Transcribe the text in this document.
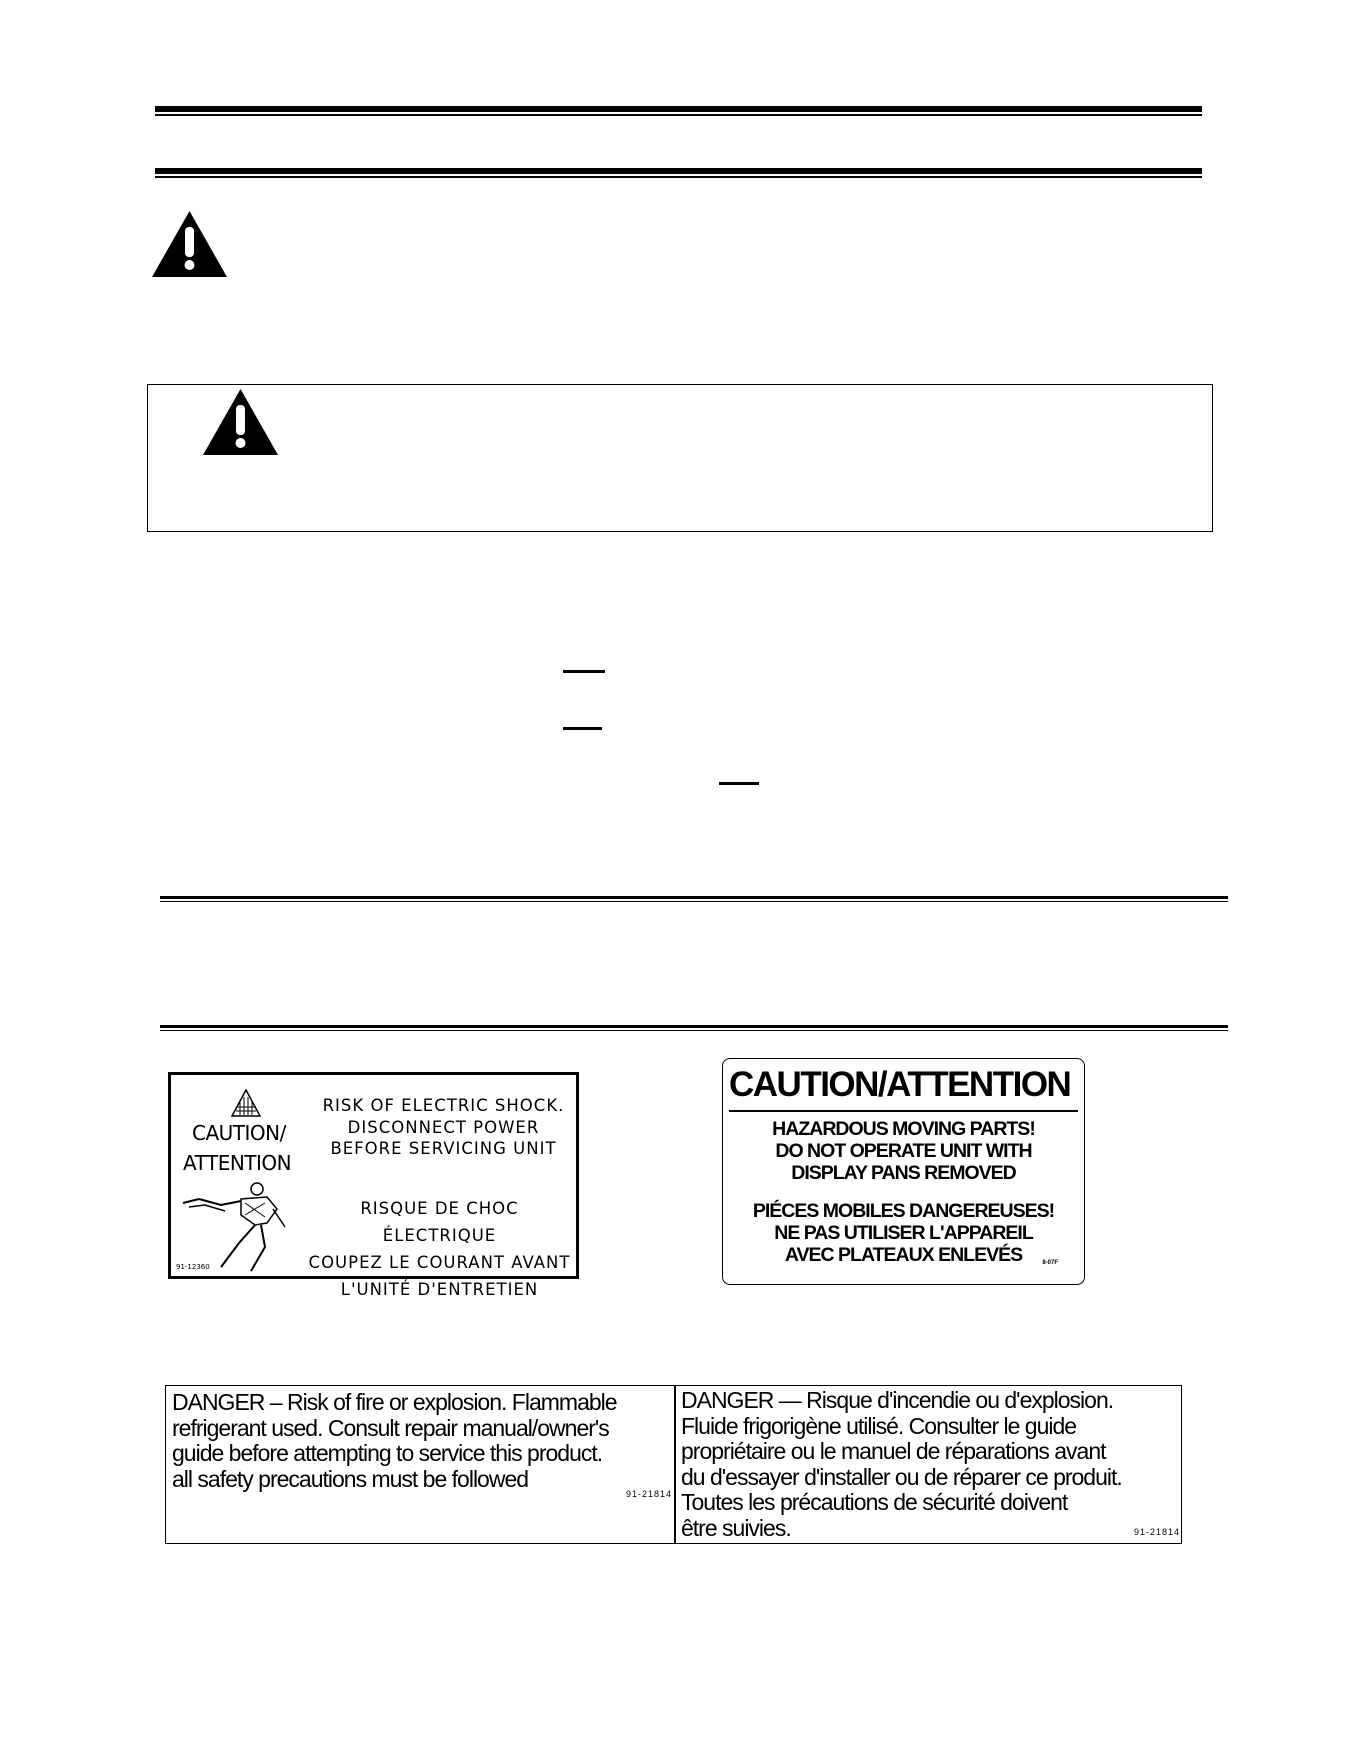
CAUTION/
ATTENTION
RISK OF ELECTRIC SHOCK.
DISCONNECT POWER
BEFORE SERVICING UNIT
RISQUE DE CHOC ÉLECTRIQUE
COUPEZ LE COURANT AVANT
L'UNITÉ D'ENTRETIEN
91-12360
CAUTION/ATTENTION
HAZARDOUS MOVING PARTS!
DO NOT OPERATE UNIT WITH
DISPLAY PANS REMOVED
PIÉCES MOBILES DANGEREUSES!
NE PAS UTILISER L'APPAREIL
AVEC PLATEAUX ENLEVÉS	8-07F
DANGER – Risk of fire or explosion. Flammable
refrigerant used. Consult repair manual/owner's
guide before attempting to service this product.
all safety precautions must be followed
91-21814
DANGER — Risque d'incendie ou d'explosion.
Fluide frigorigène utilisé. Consulter le guide
propriétaire ou le manuel de réparations avant
du d'essayer d'installer ou de réparer ce produit.
Toutes les précautions de sécurité doivent
être suivies.	91-21814
